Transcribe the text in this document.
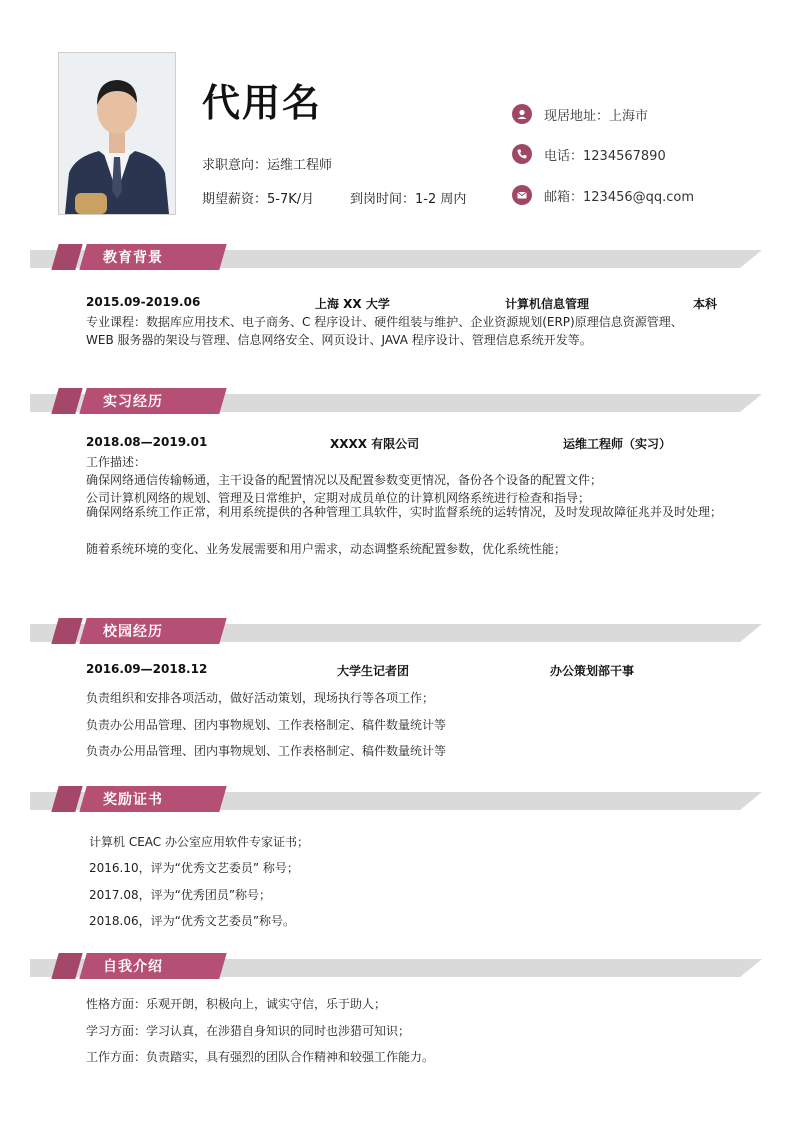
代用名
求职意向：运维工程师
期望薪资：5-7K/月	到岗时间：1-2 周内
现居地址：上海市
电话：1234567890
邮箱：123456@qq.com
教育背景
2015.09-2019.06	上海 XX 大学	计算机信息管理	本科
专业课程：数据库应用技术、电子商务、C 程序设计、硬件组装与维护、企业资源规划(ERP)原理信息资源管理、
WEB 服务器的架设与管理、信息网络安全、网页设计、JAVA 程序设计、管理信息系统开发等。
实习经历
2018.08—2019.01	XXXX 有限公司	运维工程师（实习）
工作描述：
确保网络通信传输畅通，主干设备的配置情况以及配置参数变更情况，备份各个设备的配置文件；
公司计算机网络的规划、管理及日常维护，定期对成员单位的计算机网络系统进行检查和指导；
确保网络系统工作正常，利用系统提供的各种管理工具软件，实时监督系统的运转情况，及时发现故障征兆并及时处理；
随着系统环境的变化、业务发展需要和用户需求，动态调整系统配置参数，优化系统性能；
校园经历
2016.09—2018.12	大学生记者团	办公策划部干事
负责组织和安排各项活动，做好活动策划，现场执行等各项工作；
负责办公用品管理、团内事物规划、工作表格制定、稿件数量统计等
负责办公用品管理、团内事物规划、工作表格制定、稿件数量统计等
奖励证书
计算机 CEAC 办公室应用软件专家证书；
2016.10，评为“优秀文艺委员” 称号；
2017.08，评为“优秀团员”称号；
2018.06，评为“优秀文艺委员”称号。
自我介绍
性格方面：乐观开朗，积极向上，诚实守信，乐于助人；
学习方面：学习认真，在涉猎自身知识的同时也涉猎可知识；
工作方面：负责踏实，具有强烈的团队合作精神和较强工作能力。
